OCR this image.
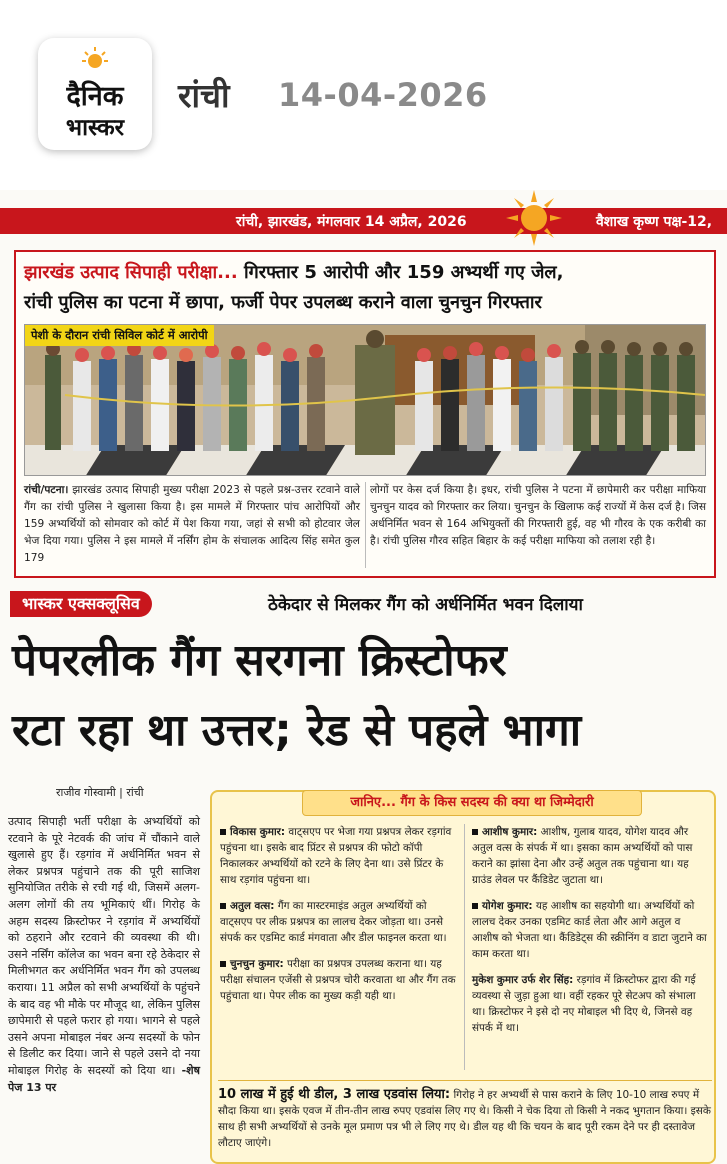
दैनिक
भास्कर
रांची 14-04-2026
रांची, झारखंड, मंगलवार 14 अप्रैल, 2026	वैशाख कृष्ण पक्ष-12,
झारखंड उत्पाद सिपाही परीक्षा... गिरफ्तार 5 आरोपी और 159 अभ्यर्थी गए जेल,
रांची पुलिस का पटना में छापा, फर्जी पेपर उपलब्ध कराने वाला चुनचुन गिरफ्तार
पेशी के दौरान रांची सिविल कोर्ट में आरोपी
रांची/पटना। झारखंड उत्पाद सिपाही मुख्य परीक्षा 2023 से पहले प्रश्न-उत्तर रटवाने वाले गैंग का रांची पुलिस ने खुलासा किया है। इस मामले में गिरफ्तार पांच आरोपियों और 159 अभ्यर्थियों को सोमवार को कोर्ट में पेश किया गया, जहां से सभी को होटवार जेल भेज दिया गया। पुलिस ने इस मामले में नर्सिंग होम के संचालक आदित्य सिंह समेत कुल 179
लोगों पर केस दर्ज किया है। इधर, रांची पुलिस ने पटना में छापेमारी कर परीक्षा माफिया चुनचुन यादव को गिरफ्तार कर लिया। चुनचुन के खिलाफ कई राज्यों में केस दर्ज है। जिस अर्धनिर्मित भवन से 164 अभियुक्तों की गिरफ्तारी हुई, वह भी गौरव के एक करीबी का है। रांची पुलिस गौरव सहित बिहार के कई परीक्षा माफिया को तलाश रही है।
भास्कर एक्सक्लूसिव	ठेकेदार से मिलकर गैंग को अर्धनिर्मित भवन दिलाया
पेपरलीक गैंग सरगना क्रिस्टोफर
रटा रहा था उत्तर; रेड से पहले भागा
राजीव गोस्वामी | रांची
उत्पाद सिपाही भर्ती परीक्षा के अभ्यर्थियों को रटवाने के पूरे नेटवर्क की जांच में चौंकाने वाले खुलासे हुए हैं। रड़गांव में अर्धनिर्मित भवन से लेकर प्रश्नपत्र पहुंचाने तक की पूरी साजिश सुनियोजित तरीके से रची गई थी, जिसमें अलग-अलग लोगों की तय भूमिकाएं थीं। गिरोह के अहम सदस्य क्रिस्टोफर ने रड़गांव में अभ्यर्थियों को ठहराने और रटवाने की व्यवस्था की थी। उसने नर्सिंग कॉलेज का भवन बना रहे ठेकेदार से मिलीभगत कर अर्धनिर्मित भवन गैंग को उपलब्ध कराया। 11 अप्रैल को सभी अभ्यर्थियों के पहुंचने के बाद वह भी मौके पर मौजूद था, लेकिन पुलिस छापेमारी से पहले फरार हो गया। भागने से पहले उसने अपना मोबाइल नंबर अन्य सदस्यों के फोन से डिलीट कर दिया। जाने से पहले उसने दो नया मोबाइल गिरोह के सदस्यों को दिया था। -शेष पेज 13 पर
जानिए... गैंग के किस सदस्य की क्या था जिम्मेदारी
विकास कुमार: वाट्सएप पर भेजा गया प्रश्नपत्र लेकर रड़गांव पहुंचना था। इसके बाद प्रिंटर से प्रश्नपत्र की फोटो कॉपी निकालकर अभ्यर्थियों को रटने के लिए देना था। उसे प्रिंटर के साथ रड़गांव पहुंचना था।
अतुल वत्स: गैंग का मास्टरमाइंड अतुल अभ्यर्थियों को वाट्सएप पर लीक प्रश्नपत्र का लालच देकर जोड़ता था। उनसे संपर्क कर एडमिट कार्ड मंगवाता और डील फाइनल करता था।
चुनचुन कुमार: परीक्षा का प्रश्नपत्र उपलब्ध कराना था। यह परीक्षा संचालन एजेंसी से प्रश्नपत्र चोरी करवाता था और गैंग तक पहुंचाता था। पेपर लीक का मुख्य कड़ी यही था।
आशीष कुमार: आशीष, गुलाब यादव, योगेश यादव और अतुल वत्स के संपर्क में था। इसका काम अभ्यर्थियों को पास कराने का झांसा देना और उन्हें अतुल तक पहुंचाना था। यह ग्राउंड लेवल पर कैंडिडेट जुटाता था।
योगेश कुमार: यह आशीष का सहयोगी था। अभ्यर्थियों को लालच देकर उनका एडमिट कार्ड लेता और आगे अतुल व आशीष को भेजता था। कैंडिडेट्स की स्क्रीनिंग व डाटा जुटाने का काम करता था।
मुकेश कुमार उर्फ शेर सिंह: रड़गांव में क्रिस्टोफर द्वारा की गई व्यवस्था से जुड़ा हुआ था। वहीं रहकर पूरे सेटअप को संभाला था। क्रिस्टोफर ने इसे दो नए मोबाइल भी दिए थे, जिनसे वह संपर्क में था।
10 लाख में हुई थी डील, 3 लाख एडवांस लिया: गिरोह ने हर अभ्यर्थी से पास कराने के लिए 10-10 लाख रुपए में सौदा किया था। इसके एवज में तीन-तीन लाख रुपए एडवांस लिए गए थे। किसी ने चेक दिया तो किसी ने नकद भुगतान किया। इसके साथ ही सभी अभ्यर्थियों से उनके मूल प्रमाण पत्र भी ले लिए गए थे। डील यह थी कि चयन के बाद पूरी रकम देने पर ही दस्तावेज लौटाए जाएंगे।
